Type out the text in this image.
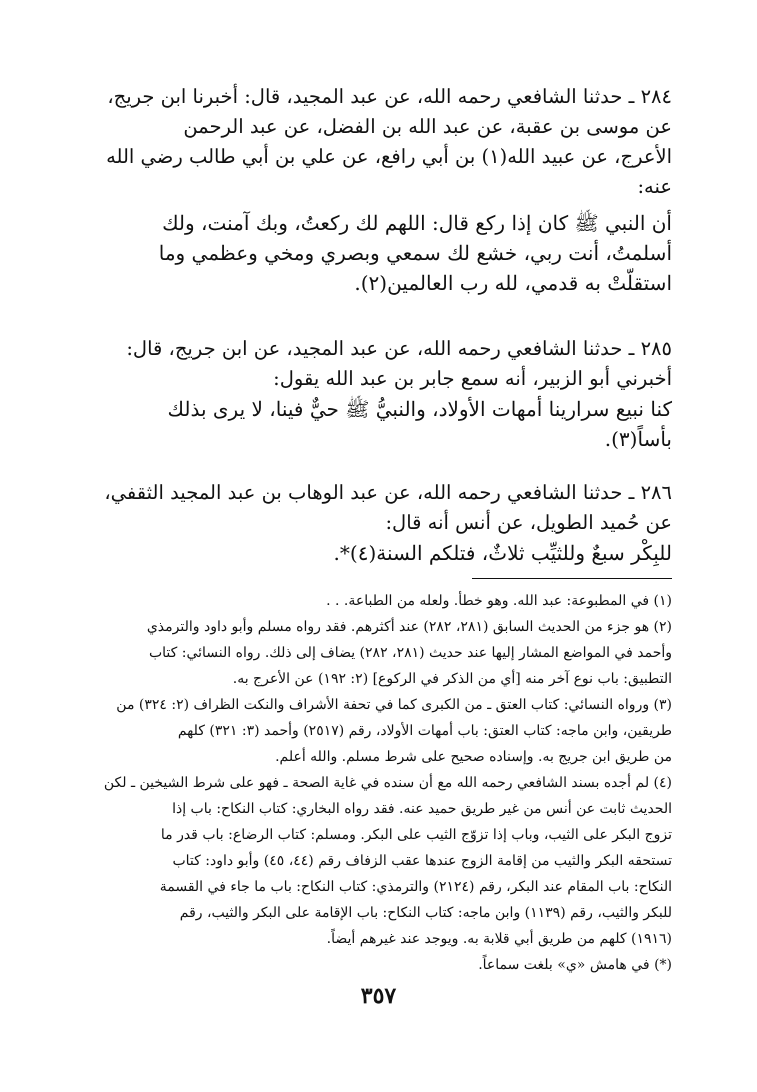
٢٨٤ ـ حدثنا الشافعي رحمه الله، عن عبد المجيد، قال: أخبرنا ابن جريج،
عن موسى بن عقبة، عن عبد الله بن الفضل، عن عبد الرحمن
الأعرج، عن عبيد الله(١) بن أبي رافع، عن علي بن أبي طالب رضي الله
عنه:
أن النبي ﷺ كان إذا ركع قال: اللهم لك ركعتُ، وبك آمنت، ولك
أسلمتُ، أنت ربي، خشع لك سمعي وبصري ومخي وعظمي وما
استقلّتْ به قدمي، لله رب العالمين(٢).
٢٨٥ ـ حدثنا الشافعي رحمه الله، عن عبد المجيد، عن ابن جريج، قال:
أخبرني أبو الزبير، أنه سمع جابر بن عبد الله يقول:
كنا نبيع سرارينا أمهات الأولاد، والنبيُّ ﷺ حيٌّ فينا، لا يرى بذلك
بأساً(٣).
٢٨٦ ـ حدثنا الشافعي رحمه الله، عن عبد الوهاب بن عبد المجيد الثقفي،
عن حُميد الطويل، عن أنس أنه قال:
للبِكْر سبعٌ وللثيِّب ثلاثٌ، فتلكم السنة(٤)*.
(١) في المطبوعة: عبد الله. وهو خطأ. ولعله من الطباعة. . .
(٢) هو جزء من الحديث السابق (٢٨١، ٢٨٢) عند أكثرهم. فقد رواه مسلم وأبو داود والترمذي
وأحمد في المواضع المشار إليها عند حديث (٢٨١، ٢٨٢) يضاف إلى ذلك. رواه النسائي: كتاب
التطبيق: باب نوع آخر منه [أي من الذكر في الركوع] (٢: ١٩٢) عن الأعرج به.
(٣) ورواه النسائي: كتاب العتق ـ من الكبرى كما في تحفة الأشراف والنكت الظراف (٢: ٣٢٤) من
طريقين، وابن ماجه: كتاب العتق: باب أمهات الأولاد، رقم (٢٥١٧) وأحمد (٣: ٣٢١) كلهم
من طريق ابن جريج به. وإسناده صحيح على شرط مسلم. والله أعلم.
(٤) لم أجده بسند الشافعي رحمه الله مع أن سنده في غاية الصحة ـ فهو على شرط الشيخين ـ لكن
الحديث ثابت عن أنس من غير طريق حميد عنه. فقد رواه البخاري: كتاب النكاح: باب إذا
تزوج البكر على الثيب، وباب إذا تزوّج الثيب على البكر. ومسلم: كتاب الرضاع: باب قدر ما
تستحقه البكر والثيب من إقامة الزوج عندها عقب الزفاف رقم (٤٤، ٤٥) وأبو داود: كتاب
النكاح: باب المقام عند البكر، رقم (٢١٢٤) والترمذي: كتاب النكاح: باب ما جاء في القسمة
للبكر والثيب، رقم (١١٣٩) وابن ماجه: كتاب النكاح: باب الإقامة على البكر والثيب، رقم
(١٩١٦) كلهم من طريق أبي قلابة به. ويوجد عند غيرهم أيضاً.
(*) في هامش «ي» بلغت سماعاً.
٣٥٧
